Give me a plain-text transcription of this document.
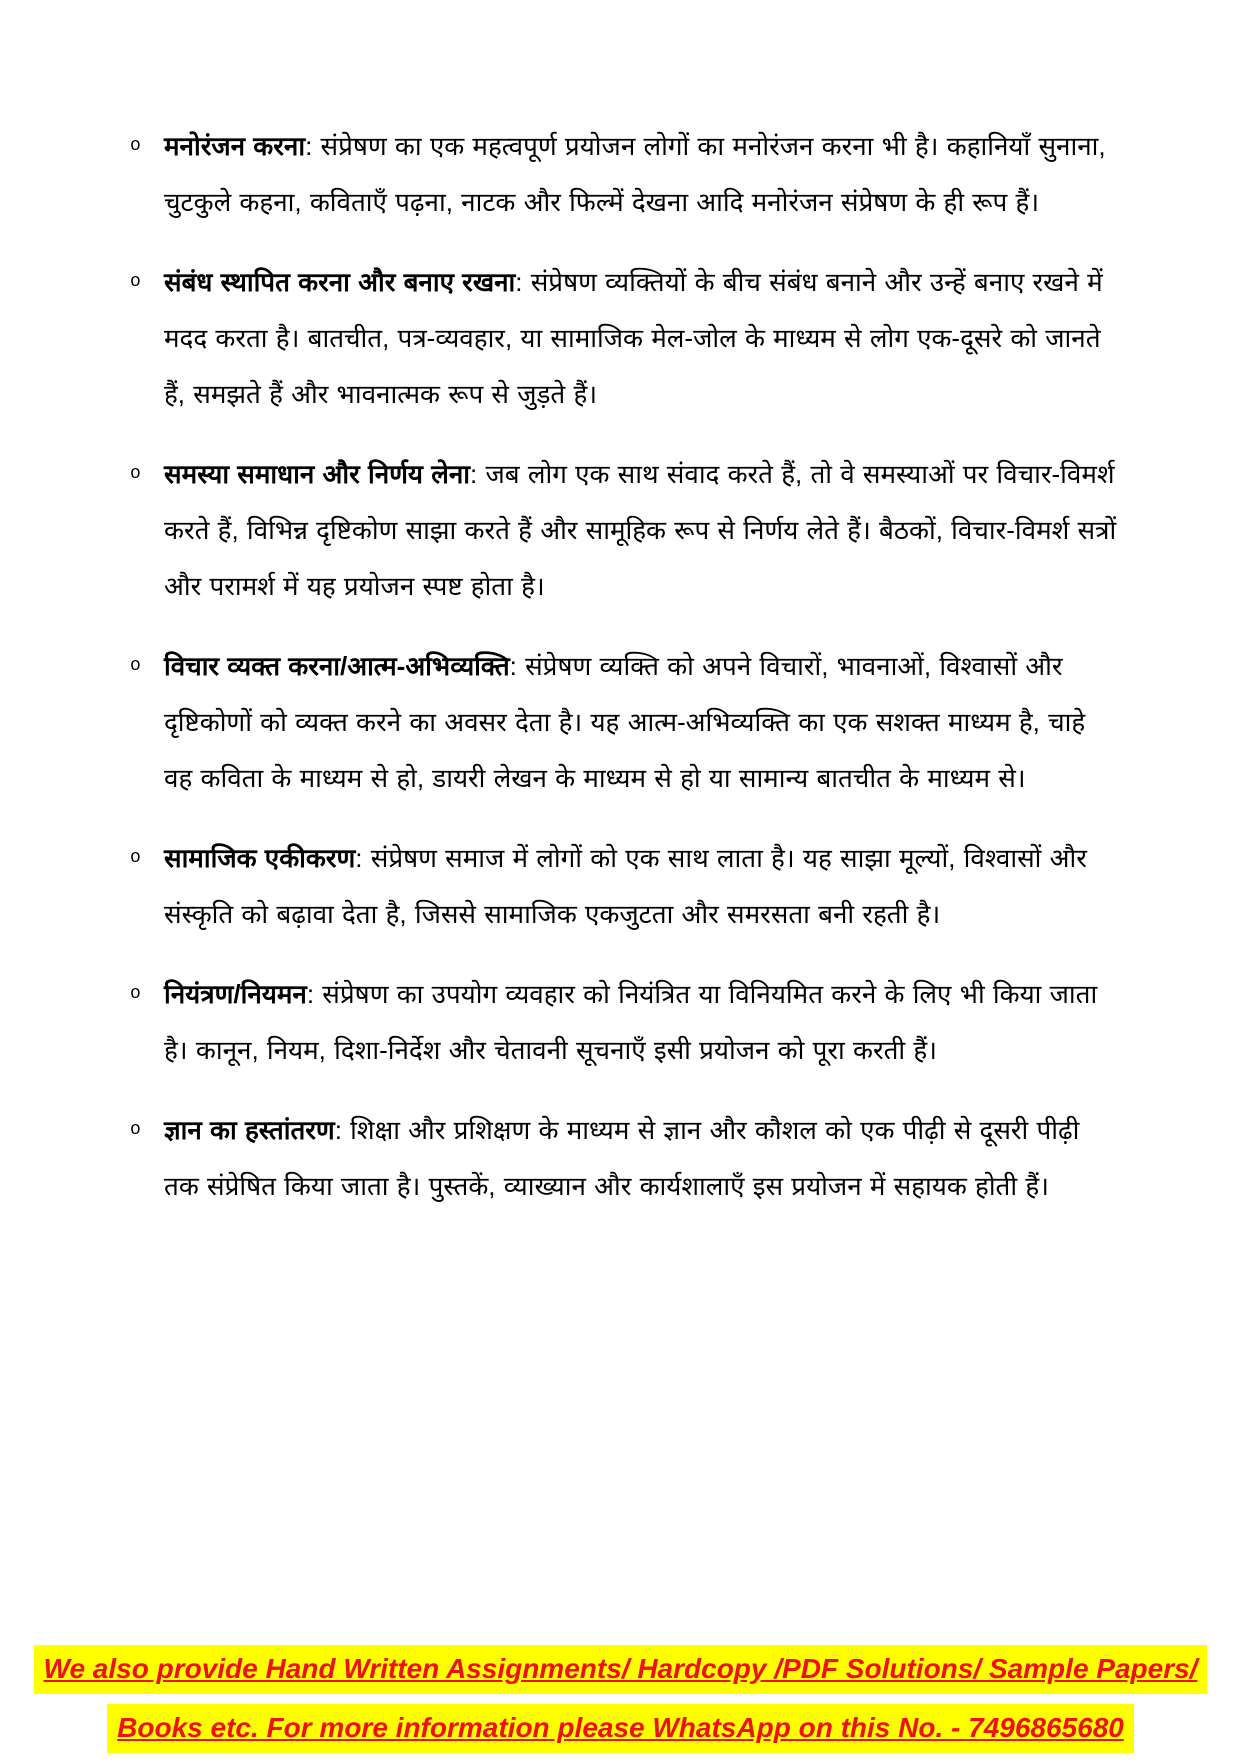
o मनोरंजन करना: संप्रेषण का एक महत्वपूर्ण प्रयोजन लोगों का मनोरंजन करना भी है। कहानियाँ सुनाना, चुटकुले कहना, कविताएँ पढ़ना, नाटक और फिल्में देखना आदि मनोरंजन संप्रेषण के ही रूप हैं।
o संबंध स्थापित करना और बनाए रखना: संप्रेषण व्यक्तियों के बीच संबंध बनाने और उन्हें बनाए रखने में मदद करता है। बातचीत, पत्र-व्यवहार, या सामाजिक मेल-जोल के माध्यम से लोग एक-दूसरे को जानते हैं, समझते हैं और भावनात्मक रूप से जुड़ते हैं।
o समस्या समाधान और निर्णय लेना: जब लोग एक साथ संवाद करते हैं, तो वे समस्याओं पर विचार-विमर्श करते हैं, विभिन्न दृष्टिकोण साझा करते हैं और सामूहिक रूप से निर्णय लेते हैं। बैठकों, विचार-विमर्श सत्रों और परामर्श में यह प्रयोजन स्पष्ट होता है।
o विचार व्यक्त करना/आत्म-अभिव्यक्ति: संप्रेषण व्यक्ति को अपने विचारों, भावनाओं, विश्वासों और दृष्टिकोणों को व्यक्त करने का अवसर देता है। यह आत्म-अभिव्यक्ति का एक सशक्त माध्यम है, चाहे वह कविता के माध्यम से हो, डायरी लेखन के माध्यम से हो या सामान्य बातचीत के माध्यम से।
o सामाजिक एकीकरण: संप्रेषण समाज में लोगों को एक साथ लाता है। यह साझा मूल्यों, विश्वासों और संस्कृति को बढ़ावा देता है, जिससे सामाजिक एकजुटता और समरसता बनी रहती है।
o नियंत्रण/नियमन: संप्रेषण का उपयोग व्यवहार को नियंत्रित या विनियमित करने के लिए भी किया जाता है। कानून, नियम, दिशा-निर्देश और चेतावनी सूचनाएँ इसी प्रयोजन को पूरा करती हैं।
o ज्ञान का हस्तांतरण: शिक्षा और प्रशिक्षण के माध्यम से ज्ञान और कौशल को एक पीढ़ी से दूसरी पीढ़ी तक संप्रेषित किया जाता है। पुस्तकें, व्याख्यान और कार्यशालाएँ इस प्रयोजन में सहायक होती हैं।
We also provide Hand Written Assignments/ Hardcopy /PDF Solutions/ Sample Papers/
Books etc. For more information please WhatsApp on this No. - 7496865680
